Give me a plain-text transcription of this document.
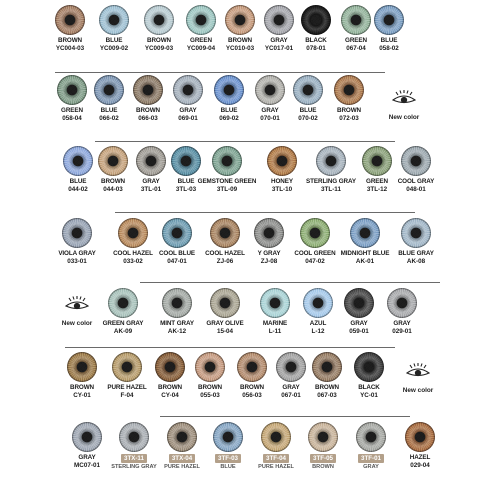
New color
New color
New color
BROWN
YC004-03
BLUE
YC009-02
BROWN
YC009-03
GREEN
YC009-04
BROWN
YC010-03
GRAY
YC017-01
BLACK
078-01
GREEN
067-04
BLUE
058-02
GREEN
058-04
BLUE
066-02
BROWN
066-03
GRAY
069-01
BLUE
069-02
GRAY
070-01
BLUE
070-02
BROWN
072-03
BLUE
044-02
BROWN
044-03
GRAY
3TL-01
BLUE
3TL-03
GEMSTONE GREEN
3TL-09
HONEY
3TL-10
STERLING GRAY
3TL-11
GREEN
3TL-12
COOL GRAY
048-01
VIOLA GRAY
033-01
COOL HAZEL
033-02
COOL BLUE
047-01
COOL HAZEL
ZJ-06
Y GRAY
ZJ-08
COOL GREEN
047-02
MIDNIGHT BLUE
AK-01
BLUE GRAY
AK-08
GREEN GRAY
AK-09
MINT GRAY
AK-12
GRAY OLIVE
15-04
MARINE
L-11
AZUL
L-12
GRAY
059-01
GRAY
029-01
BROWN
CY-01
PURE HAZEL
F-04
BROWN
CY-04
BROWN
055-03
BROWN
056-03
GRAY
067-01
BROWN
067-03
BLACK
YC-01
GRAY
MC07-01
3TX-11
STERLING GRAY
3TX-04
PURE HAZEL
3TF-03
BLUE
3TF-04
PURE HAZEL
3TF-05
BROWN
3TF-01
GRAY
HAZEL
029-04
